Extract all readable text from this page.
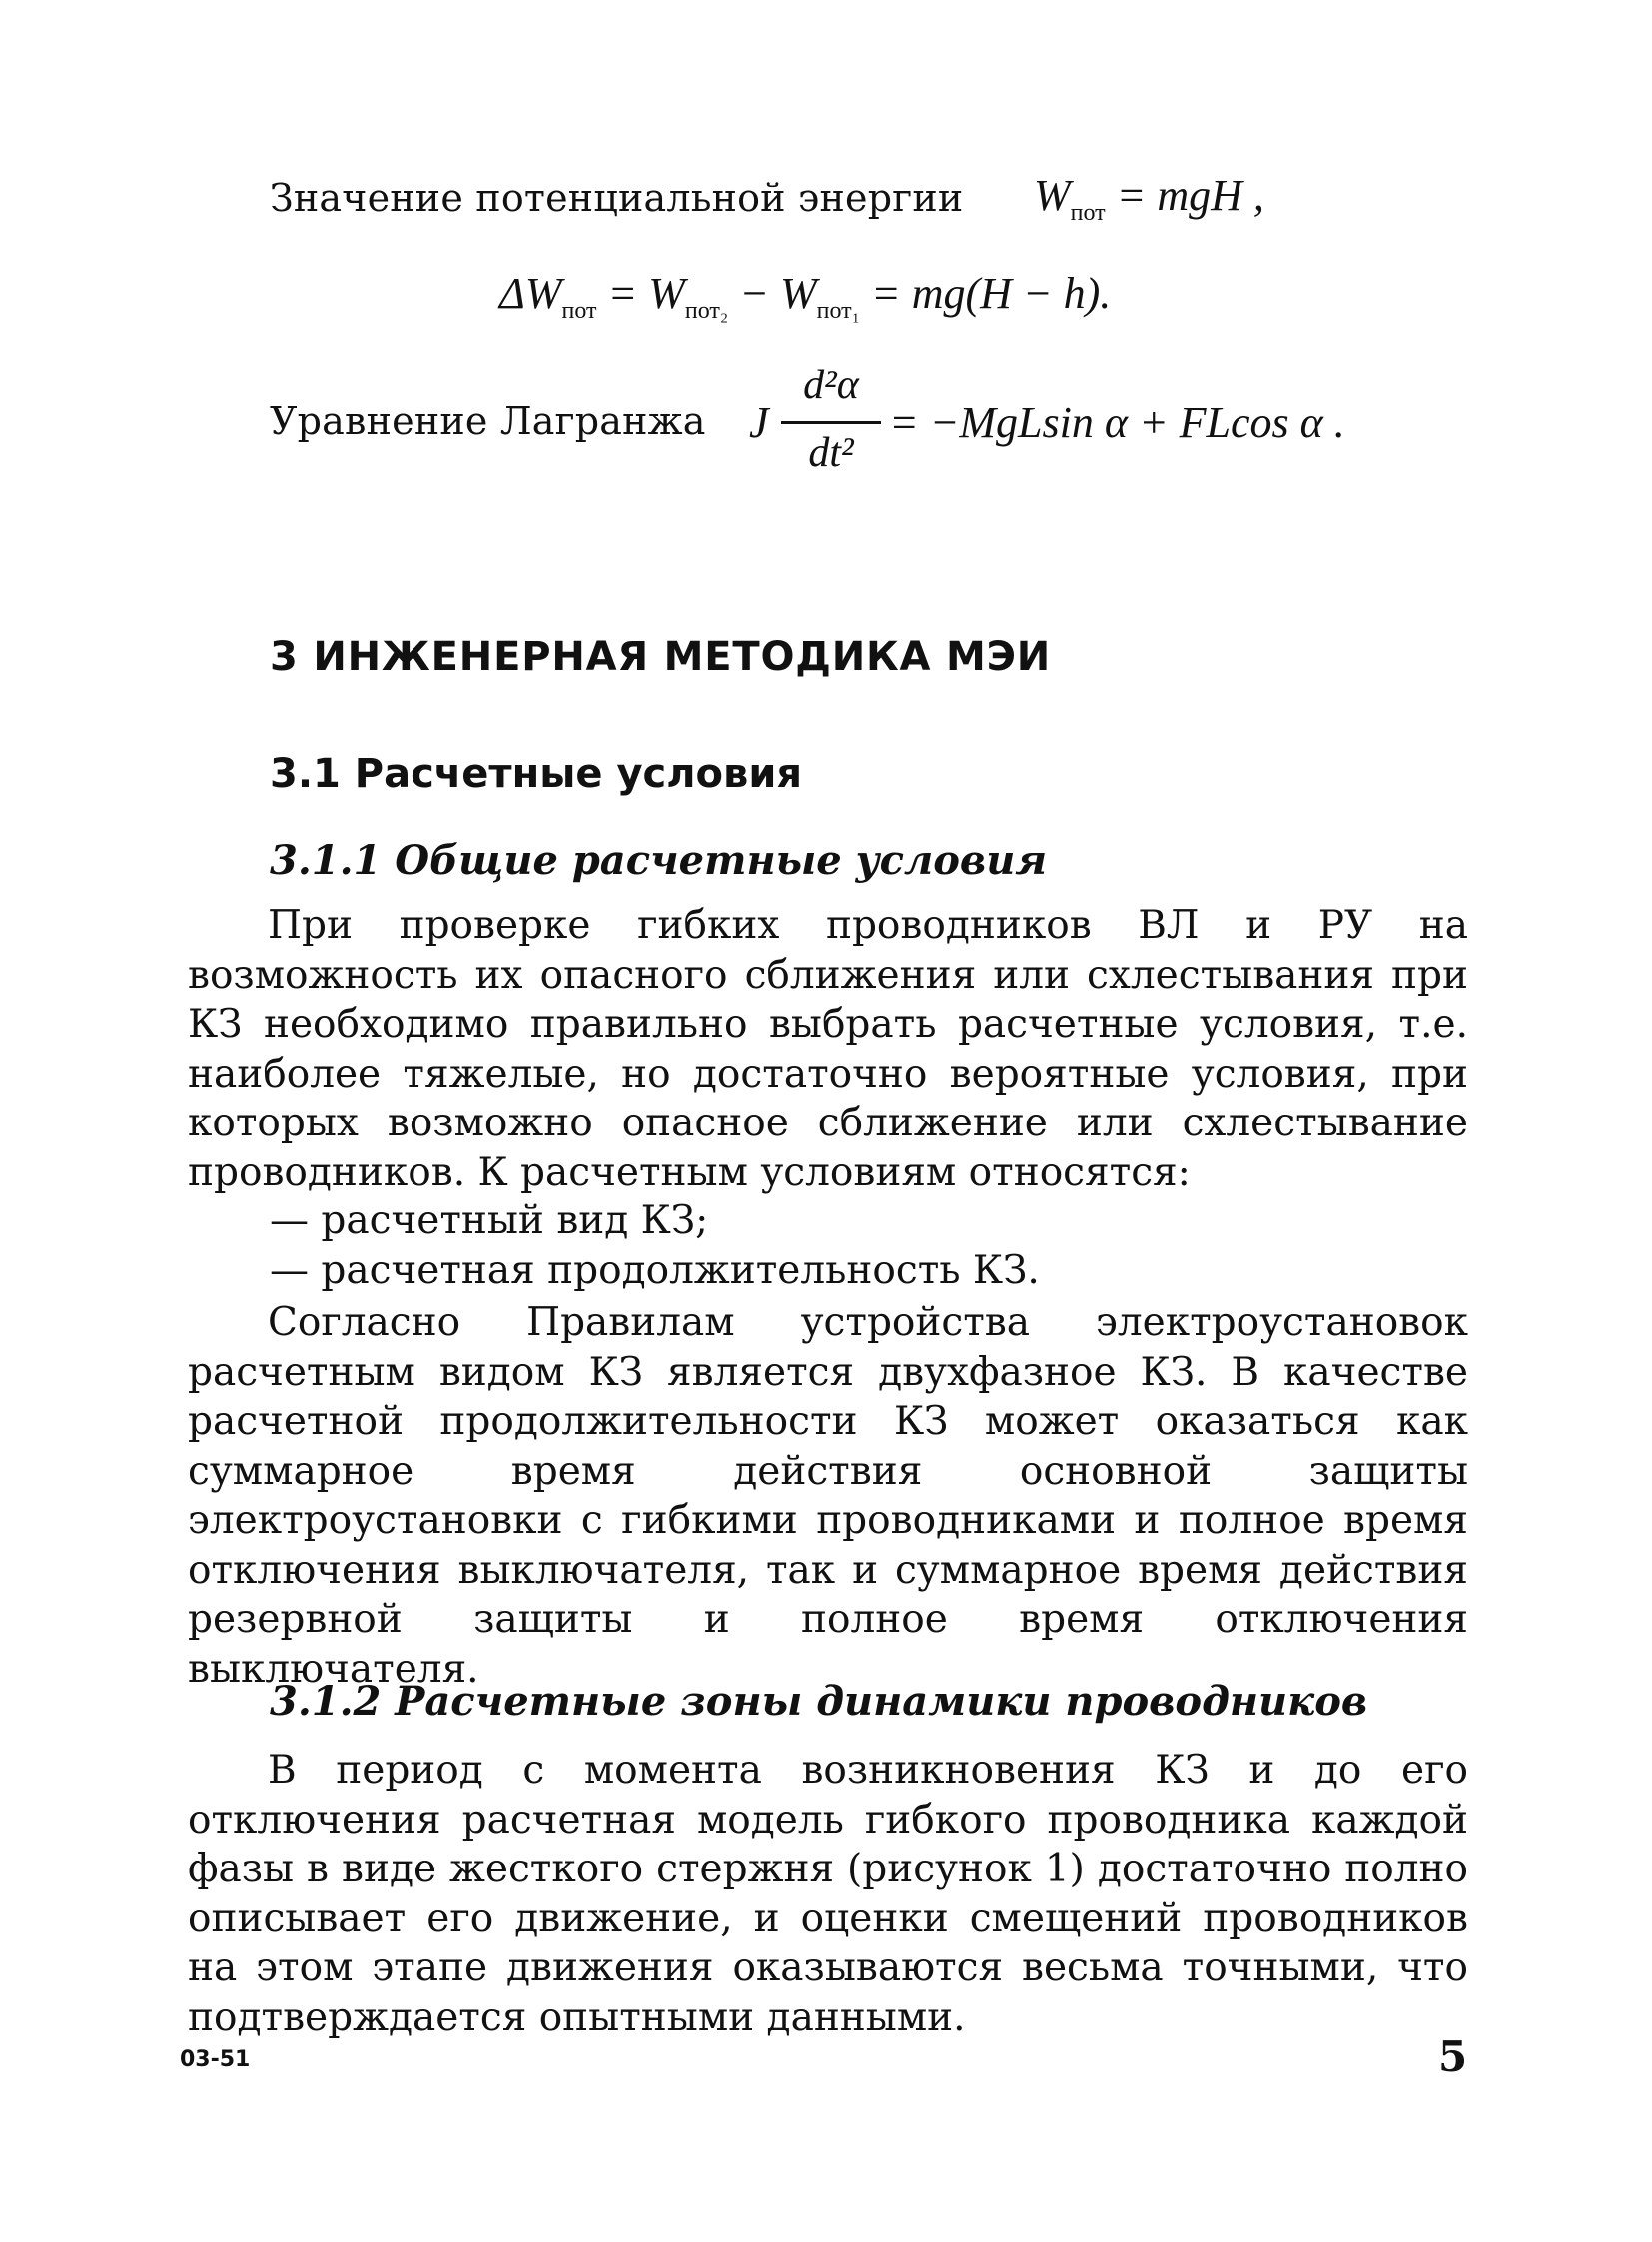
Значение потенциальной энергии $W_{пот}$ = mgH ,
$\Delta W_{пот} = W_{пот_2} - W_{пот_1} = mg(H - h)$.
Уравнение Лагранжа J
d²α
dt²
= −MgLsin α + FLcos α .
3 ИНЖЕНЕРНАЯ МЕТОДИКА МЭИ
3.1 Расчетные условия
3.1.1 Общие расчетные условия
При проверке гибких проводников ВЛ и РУ на возможность их опасного сближения или схлестывания при КЗ необходимо правильно выбрать расчетные условия, т.е. наиболее тяжелые, но достаточно вероятные условия, при которых возможно опасное сближение или схлестывание проводников. К расчетным условиям относятся:
— расчетный вид КЗ;
— расчетная продолжительность КЗ.
Согласно Правилам устройства электроустановок расчетным видом КЗ является двухфазное КЗ. В качестве расчетной продолжительности КЗ может оказаться как суммарное время действия основной защиты электроустановки с гибкими проводниками и полное время отключения выключателя, так и суммарное время действия резервной защиты и полное время отключения выключателя.
3.1.2 Расчетные зоны динамики проводников
В период с момента возникновения КЗ и до его отключения расчетная модель гибкого проводника каждой фазы в виде жесткого стержня (рисунок 1) достаточно полно описывает его движение, и оценки смещений проводников на этом этапе движения оказываются весьма точными, что подтверждается опытными данными.
03-51	5
